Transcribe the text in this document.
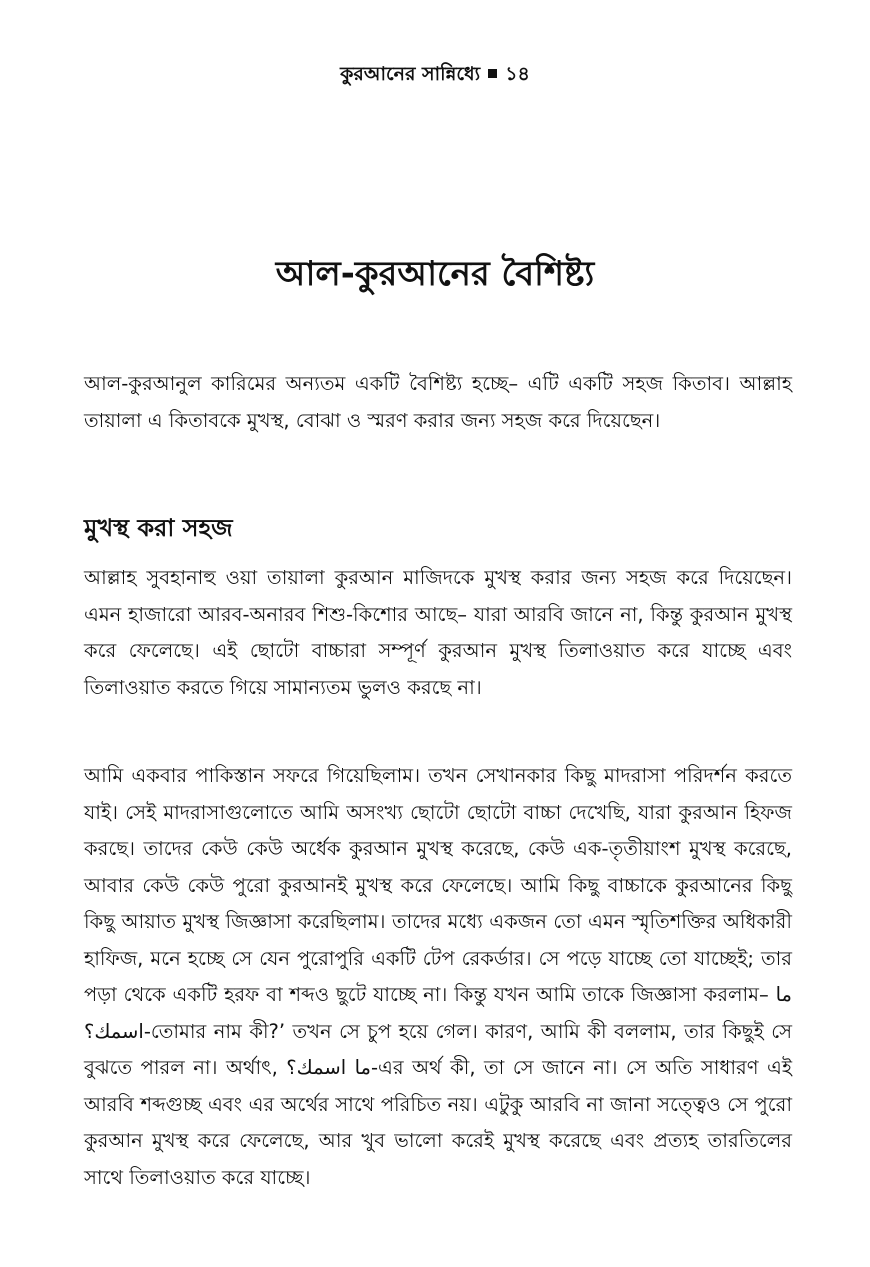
কুরআনের সান্নিধ্যে ১৪
আল-কুরআনের বৈশিষ্ট্য

আল-কুরআনুল কারিমের অন্যতম একটি বৈশিষ্ট্য হচ্ছে– এটি একটি সহজ কিতাব। আল্লাহ তায়ালা এ কিতাবকে মুখস্থ, বোঝা ও স্মরণ করার জন্য সহজ করে দিয়েছেন।

মুখস্থ করা সহজ

আল্লাহ সুবহানাহু ওয়া তায়ালা কুরআন মাজিদকে মুখস্থ করার জন্য সহজ করে দিয়েছেন। এমন হাজারো আরব-অনারব শিশু-কিশোর আছে– যারা আরবি জানে না, কিন্তু কুরআন মুখস্থ করে ফেলেছে। এই ছোটো বাচ্চারা সম্পূর্ণ কুরআন মুখস্থ তিলাওয়াত করে যাচ্ছে এবং তিলাওয়াত করতে গিয়ে সামান্যতম ভুলও করছে না।

আমি একবার পাকিস্তান সফরে গিয়েছিলাম। তখন সেখানকার কিছু মাদরাসা পরিদর্শন করতে যাই। সেই মাদরাসাগুলোতে আমি অসংখ্য ছোটো ছোটো বাচ্চা দেখেছি, যারা কুরআন হিফজ করছে। তাদের কেউ কেউ অর্ধেক কুরআন মুখস্থ করেছে, কেউ এক-তৃতীয়াংশ মুখস্থ করেছে, আবার কেউ কেউ পুরো কুরআনই মুখস্থ করে ফেলেছে। আমি কিছু বাচ্চাকে কুরআনের কিছু কিছু আয়াত মুখস্থ জিজ্ঞাসা করেছিলাম। তাদের মধ্যে একজন তো এমন স্মৃতিশক্তির অধিকারী হাফিজ, মনে হচ্ছে সে যেন পুরোপুরি একটি টেপ রেকর্ডার। সে পড়ে যাচ্ছে তো যাচ্ছেই; তার পড়া থেকে একটি হরফ বা শব্দও ছুটে যাচ্ছে না। কিন্তু যখন আমি তাকে জিজ্ঞাসা করলাম– ما اسمك؟-তোমার নাম কী?’ তখন সে চুপ হয়ে গেল। কারণ, আমি কী বললাম, তার কিছুই সে বুঝতে পারল না। অর্থাৎ, ما اسمك؟-এর অর্থ কী, তা সে জানে না। সে অতি সাধারণ এই আরবি শব্দগুচ্ছ এবং এর অর্থের সাথে পরিচিত নয়। এটুকু আরবি না জানা সত্ত্বেও সে পুরো কুরআন মুখস্থ করে ফেলেছে, আর খুব ভালো করেই মুখস্থ করেছে এবং প্রত্যহ তারতিলের সাথে তিলাওয়াত করে যাচ্ছে।
